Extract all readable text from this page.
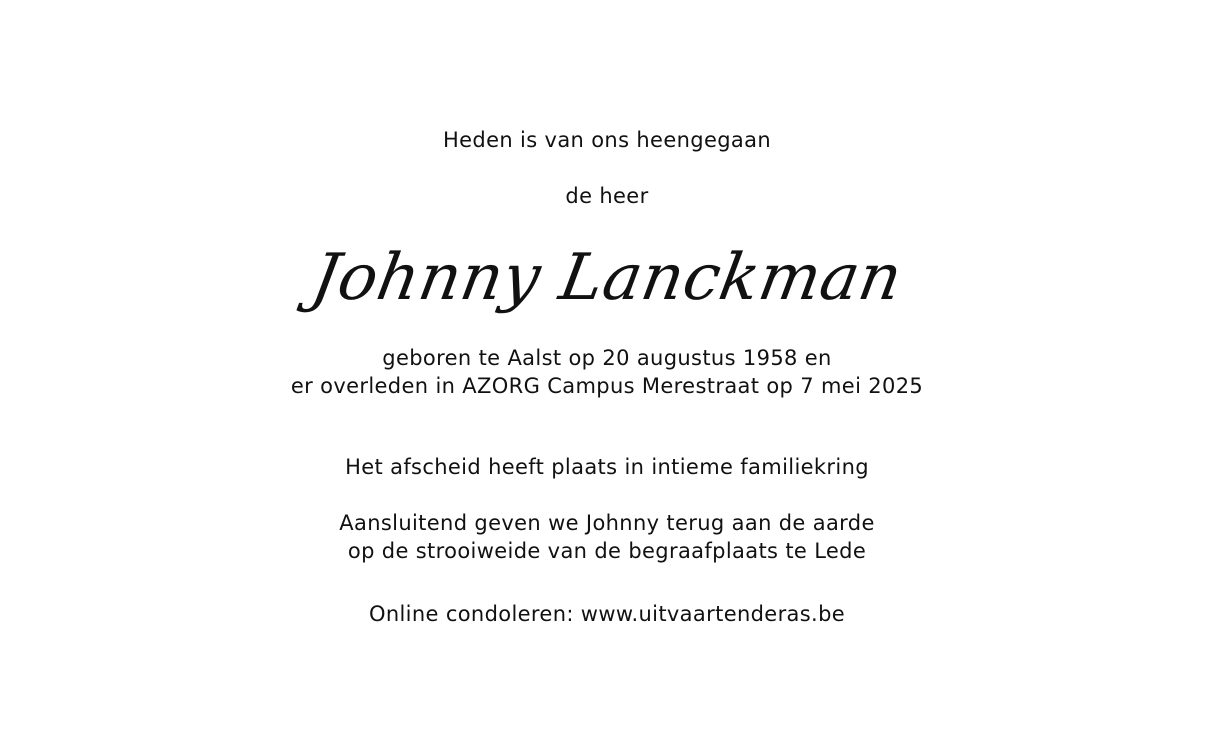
Heden is van ons heengegaan
de heer
Johnny Lanckman
geboren te Aalst op 20 augustus 1958 en
er overleden in AZORG Campus Merestraat op 7 mei 2025
Het afscheid heeft plaats in intieme familiekring
Aansluitend geven we Johnny terug aan de aarde
op de strooiweide van de begraafplaats te Lede
Online condoleren: www.uitvaartenderas.be
